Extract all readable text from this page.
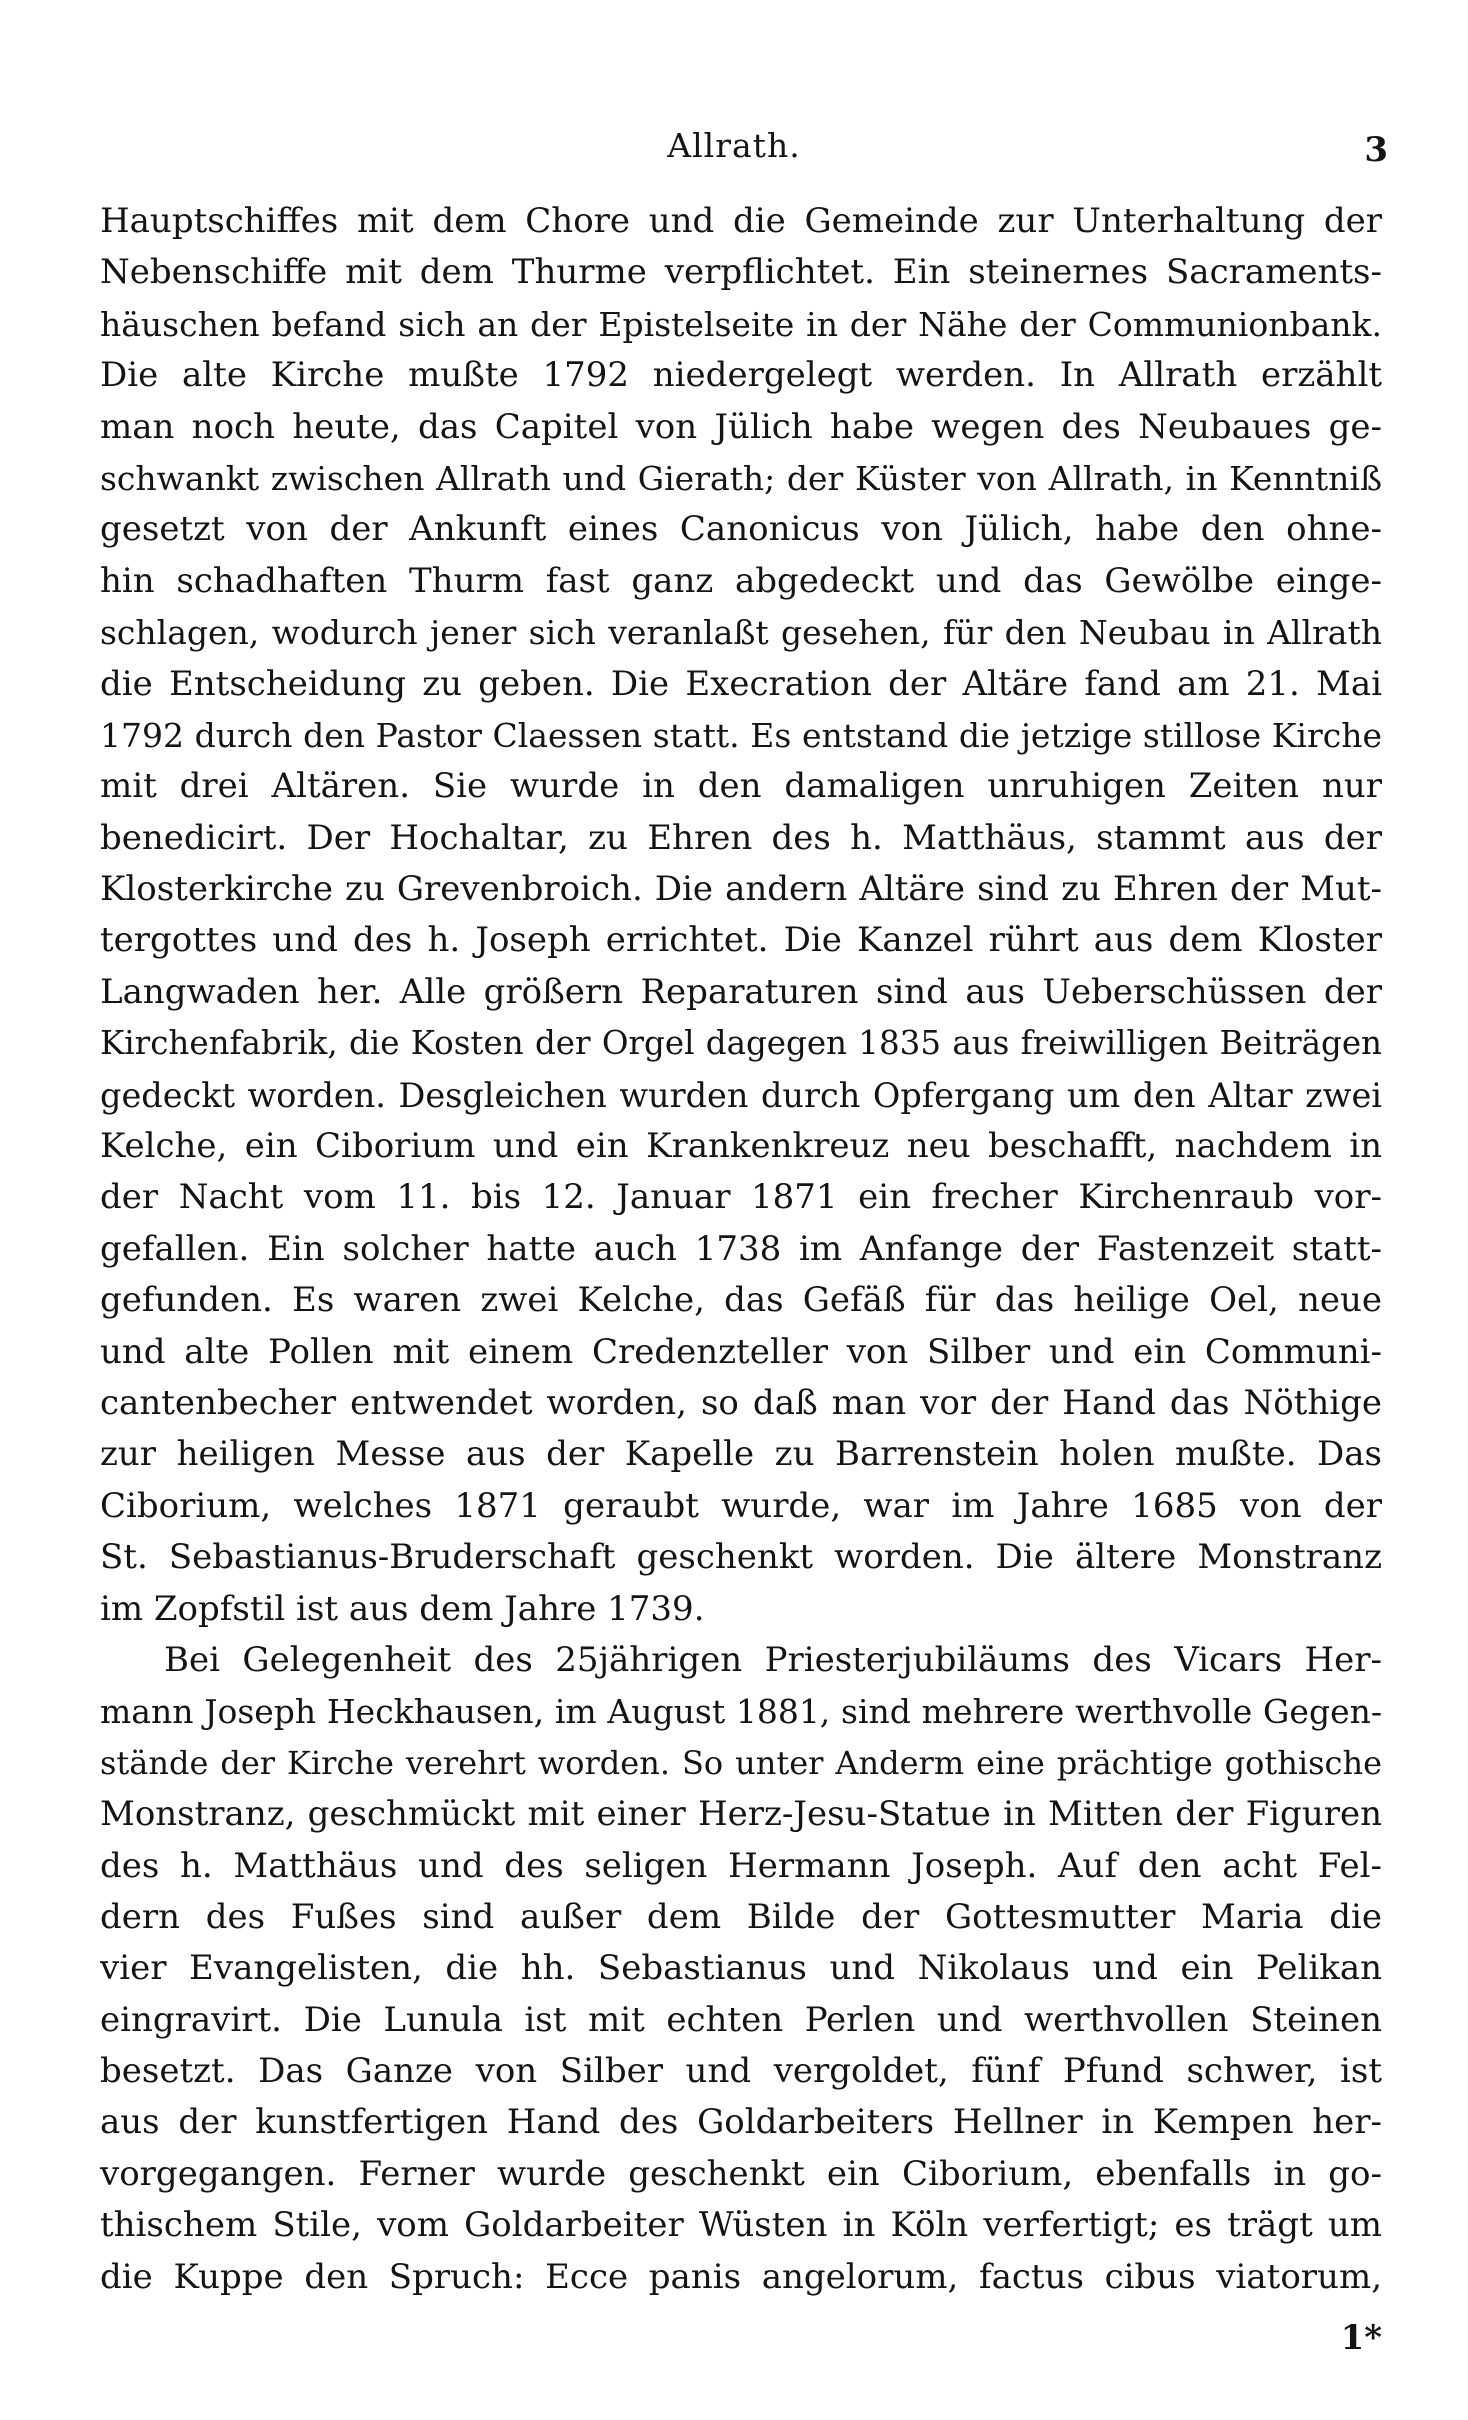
Allrath.	3
Hauptschiffes mit dem Chore und die Gemeinde zur Unterhaltung der
Nebenschiffe mit dem Thurme verpflichtet. Ein steinernes Sacraments-
häuschen befand sich an der Epistelseite in der Nähe der Communionbank.
Die alte Kirche mußte 1792 niedergelegt werden. In Allrath erzählt
man noch heute, das Capitel von Jülich habe wegen des Neubaues ge-
schwankt zwischen Allrath und Gierath; der Küster von Allrath, in Kenntniß
gesetzt von der Ankunft eines Canonicus von Jülich, habe den ohne-
hin schadhaften Thurm fast ganz abgedeckt und das Gewölbe einge-
schlagen, wodurch jener sich veranlaßt gesehen, für den Neubau in Allrath
die Entscheidung zu geben. Die Execration der Altäre fand am 21. Mai
1792 durch den Pastor Claessen statt. Es entstand die jetzige stillose Kirche
mit drei Altären. Sie wurde in den damaligen unruhigen Zeiten nur
benedicirt. Der Hochaltar, zu Ehren des h. Matthäus, stammt aus der
Klosterkirche zu Grevenbroich. Die andern Altäre sind zu Ehren der Mut-
tergottes und des h. Joseph errichtet. Die Kanzel rührt aus dem Kloster
Langwaden her. Alle größern Reparaturen sind aus Ueberschüssen der
Kirchenfabrik, die Kosten der Orgel dagegen 1835 aus freiwilligen Beiträgen
gedeckt worden. Desgleichen wurden durch Opfergang um den Altar zwei
Kelche, ein Ciborium und ein Krankenkreuz neu beschafft, nachdem in
der Nacht vom 11. bis 12. Januar 1871 ein frecher Kirchenraub vor-
gefallen. Ein solcher hatte auch 1738 im Anfange der Fastenzeit statt-
gefunden. Es waren zwei Kelche, das Gefäß für das heilige Oel, neue
und alte Pollen mit einem Credenzteller von Silber und ein Communi-
cantenbecher entwendet worden, so daß man vor der Hand das Nöthige
zur heiligen Messe aus der Kapelle zu Barrenstein holen mußte. Das
Ciborium, welches 1871 geraubt wurde, war im Jahre 1685 von der
St. Sebastianus-Bruderschaft geschenkt worden. Die ältere Monstranz
im Zopfstil ist aus dem Jahre 1739.
Bei Gelegenheit des 25jährigen Priesterjubiläums des Vicars Her-
mann Joseph Heckhausen, im August 1881, sind mehrere werthvolle Gegen-
stände der Kirche verehrt worden. So unter Anderm eine prächtige gothische
Monstranz, geschmückt mit einer Herz-Jesu-Statue in Mitten der Figuren
des h. Matthäus und des seligen Hermann Joseph. Auf den acht Fel-
dern des Fußes sind außer dem Bilde der Gottesmutter Maria die
vier Evangelisten, die hh. Sebastianus und Nikolaus und ein Pelikan
eingravirt. Die Lunula ist mit echten Perlen und werthvollen Steinen
besetzt. Das Ganze von Silber und vergoldet, fünf Pfund schwer, ist
aus der kunstfertigen Hand des Goldarbeiters Hellner in Kempen her-
vorgegangen. Ferner wurde geschenkt ein Ciborium, ebenfalls in go-
thischem Stile, vom Goldarbeiter Wüsten in Köln verfertigt; es trägt um
die Kuppe den Spruch: Ecce panis angelorum, factus cibus viatorum,
1*
